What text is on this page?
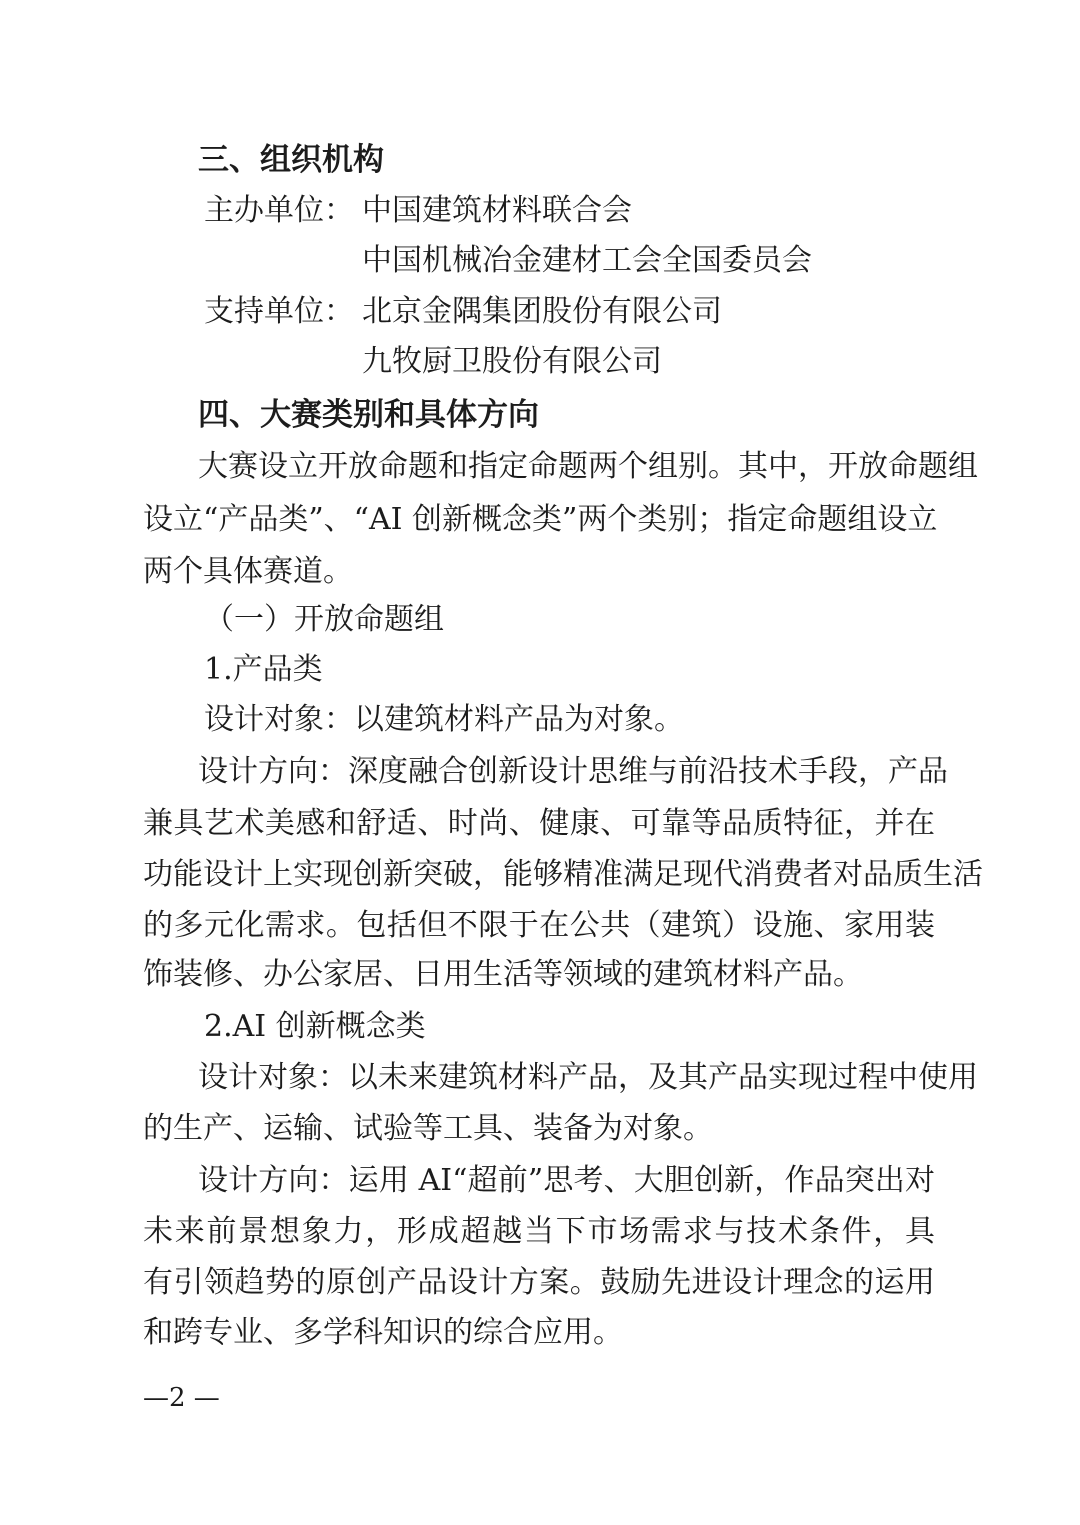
三、组织机构
主办单位： 中国建筑材料联合会
中国机械冶金建材工会全国委员会
支持单位： 北京金隅集团股份有限公司
九牧厨卫股份有限公司
四、大赛类别和具体方向
大赛设立开放命题和指定命题两个组别。其中，开放命题组
设立“产品类”、“AI 创新概念类”两个类别；指定命题组设立
两个具体赛道。
（一）开放命题组
1.产品类
设计对象：以建筑材料产品为对象。
设计方向：深度融合创新设计思维与前沿技术手段，产品
兼具艺术美感和舒适、时尚、健康、可靠等品质特征，并在
功能设计上实现创新突破，能够精准满足现代消费者对品质生活
的多元化需求。包括但不限于在公共（建筑）设施、家用装
饰装修、办公家居、日用生活等领域的建筑材料产品。
2.AI 创新概念类
设计对象：以未来建筑材料产品，及其产品实现过程中使用
的生产、运输、试验等工具、装备为对象。
设计方向：运用 AI“超前”思考、大胆创新，作品突出对
未来前景想象力，形成超越当下市场需求与技术条件，具
有引领趋势的原创产品设计方案。鼓励先进设计理念的运用
和跨专业、多学科知识的综合应用。
—2 —
